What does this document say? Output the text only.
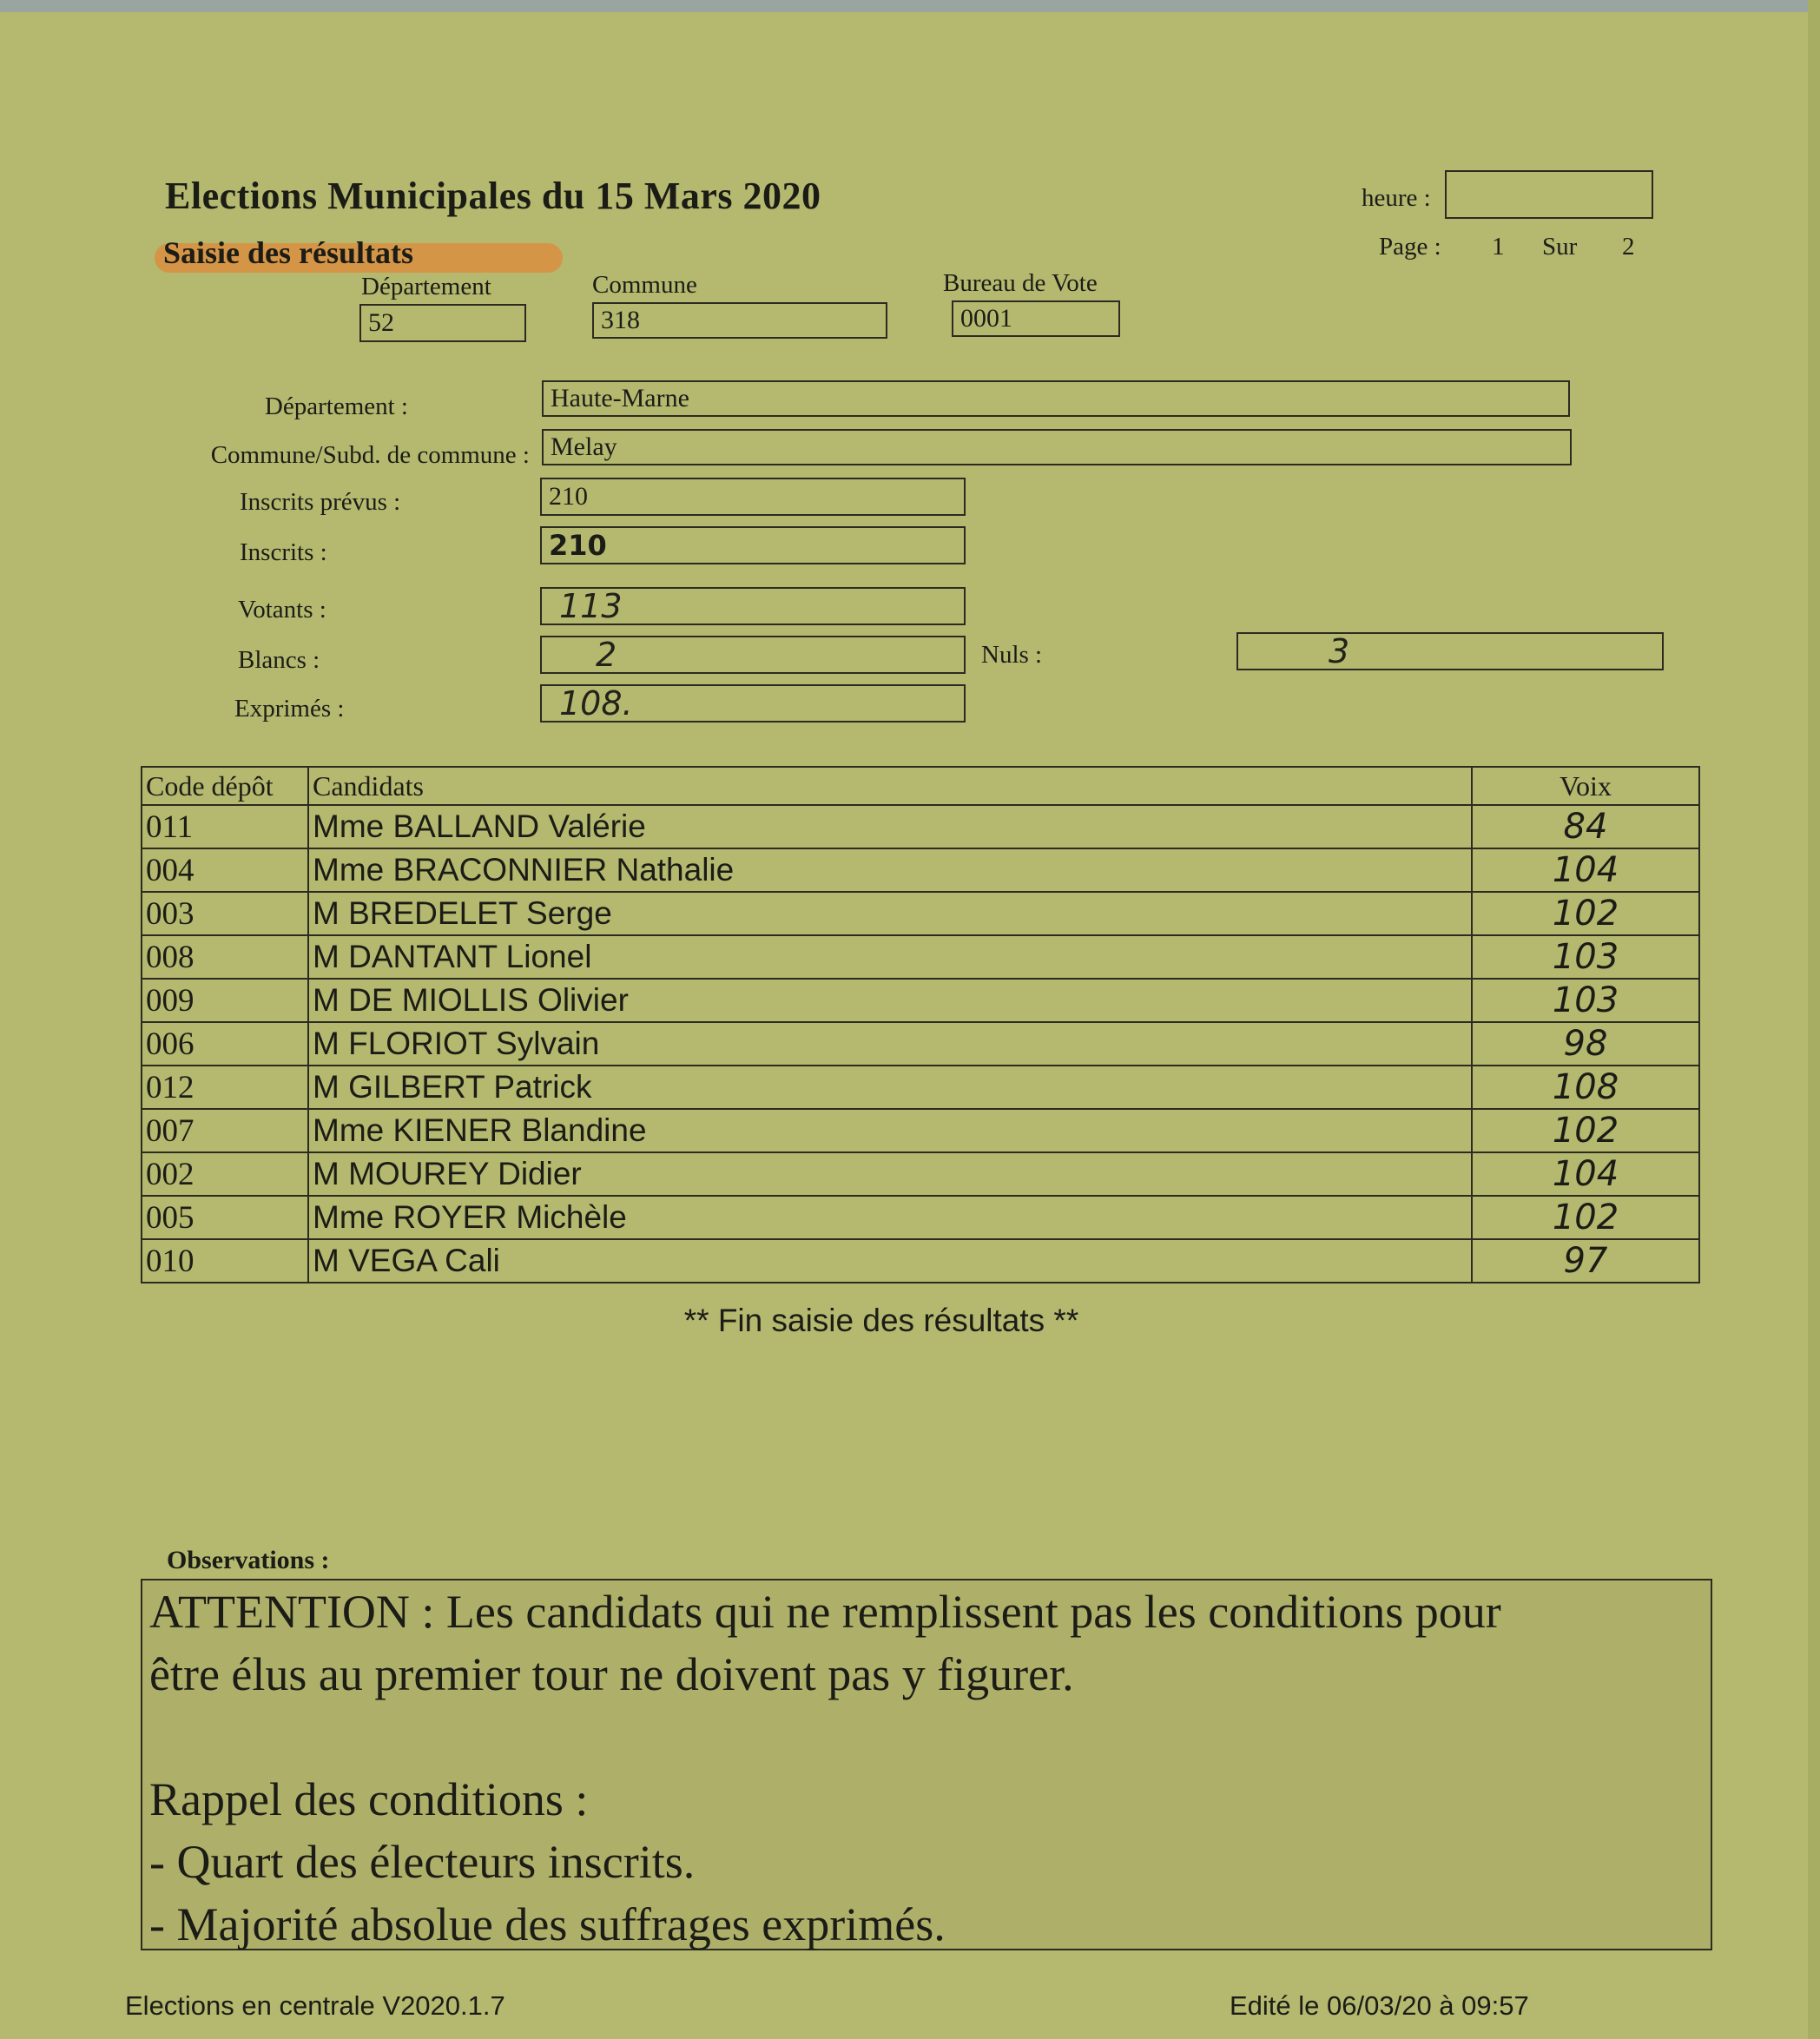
Elections Municipales du 15 Mars 2020
Saisie des résultats
heure :
Page : 1 Sur 2
Département
52
Commune
318
Bureau de Vote
0001
Département :	Haute-Marne
Commune/Subd. de commune : Melay
Inscrits prévus :	210
Inscrits :	210
Votants :	113
Blancs :	2	Nuls :	3
Exprimés :	108.
Code dépôt	Candidats	Voix
011	Mme BALLAND Valérie	84
004	Mme BRACONNIER Nathalie	104
003	M BREDELET Serge	102
008	M DANTANT Lionel	103
009	M DE MIOLLIS Olivier	103
006	M FLORIOT Sylvain	98
012	M GILBERT Patrick	108
007	Mme KIENER Blandine	102
002	M MOUREY Didier	104
005	Mme ROYER Michèle	102
010	M VEGA Cali	97
** Fin saisie des résultats **
Observations :

ATTENTION : Les candidats qui ne remplissent pas les conditions pour

être élus au premier tour ne doivent pas y figurer.

Rappel des conditions :

- Quart des électeurs inscrits.

- Majorité absolue des suffrages exprimés.

Elections en centrale V2020.1.7	Edité le 06/03/20 à 09:57
